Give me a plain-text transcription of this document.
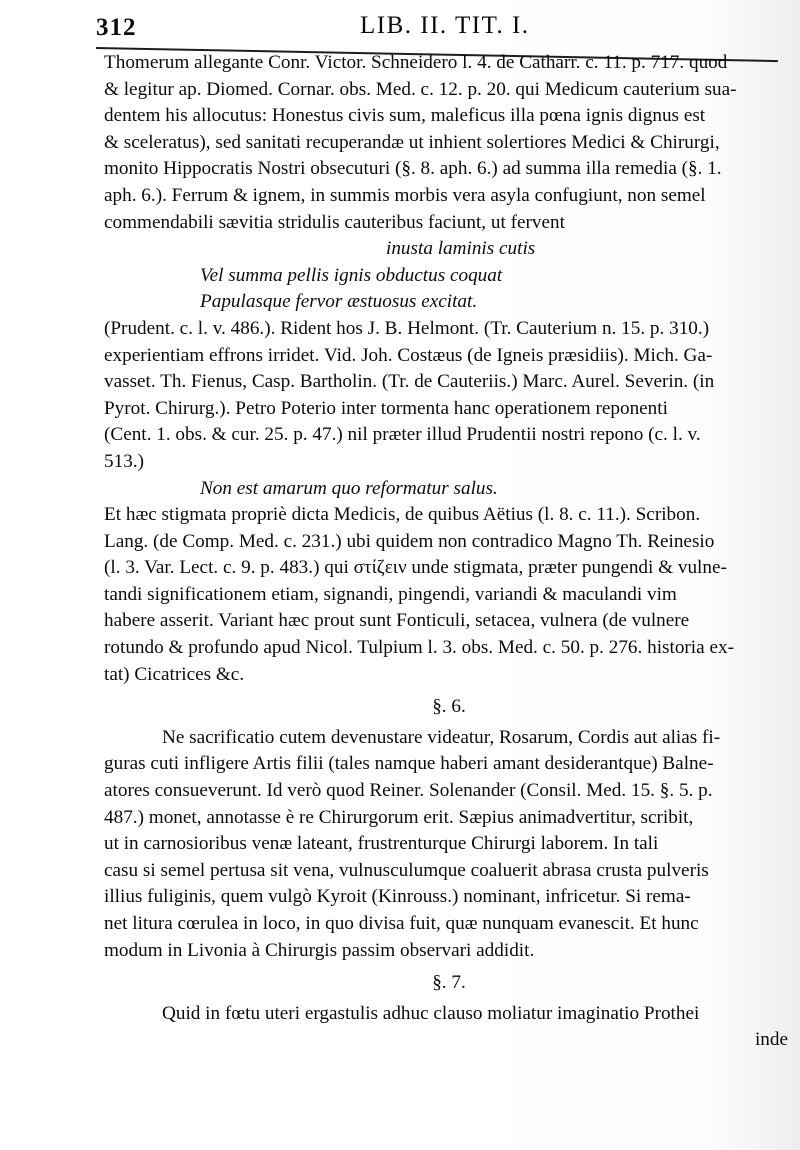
312	LIB. II. TIT. I.
Thomerum allegante Conr. Victor. Schneidero l. 4. de Catharr. c. 11. p. 717. quod
& legitur ap. Diomed. Cornar. obs. Med. c. 12. p. 20. qui Medicum cauterium sua-
dentem his allocutus: Honestus civis sum, maleficus illa pœna ignis dignus est
& sceleratus), sed sanitati recuperandæ ut inhient solertiores Medici & Chirurgi,
monito Hippocratis Nostri obsecuturi (§. 8. aph. 6.) ad summa illa remedia (§. 1.
aph. 6.). Ferrum & ignem, in summis morbis vera asyla confugiunt, non semel
commendabili sævitia stridulis cauteribus faciunt, ut fervent
inusta laminis cutis
Vel summa pellis ignis obductus coquat
Papulasque fervor æstuosus excitat.
(Prudent. c. l. v. 486.). Rident hos J. B. Helmont. (Tr. Cauterium n. 15. p. 310.)
experientiam effrons irridet. Vid. Joh. Costæus (de Igneis præsidiis). Mich. Ga-
vasset. Th. Fienus, Casp. Bartholin. (Tr. de Cauteriis.) Marc. Aurel. Severin. (in
Pyrot. Chirurg.). Petro Poterio inter tormenta hanc operationem reponenti
(Cent. 1. obs. & cur. 25. p. 47.) nil præter illud Prudentii nostri repono (c. l. v.
513.)
Non est amarum quo reformatur salus.
Et hæc stigmata propriè dicta Medicis, de quibus Aëtius (l. 8. c. 11.). Scribon.
Lang. (de Comp. Med. c. 231.) ubi quidem non contradico Magno Th. Reinesio
(l. 3. Var. Lect. c. 9. p. 483.) qui στίζειν unde stigmata, præter pungendi & vulne-
tandi significationem etiam, signandi, pingendi, variandi & maculandi vim
habere asserit. Variant hæc prout sunt Fonticuli, setacea, vulnera (de vulnere
rotundo & profundo apud Nicol. Tulpium l. 3. obs. Med. c. 50. p. 276. historia ex-
tat) Cicatrices &c.
§. 6.
Ne sacrificatio cutem devenustare videatur, Rosarum, Cordis aut alias fi-
guras cuti infligere Artis filii (tales namque haberi amant desiderantque) Balne-
atores consueverunt. Id verò quod Reiner. Solenander (Consil. Med. 15. §. 5. p.
487.) monet, annotasse è re Chirurgorum erit. Sæpius animadvertitur, scribit,
ut in carnosioribus venæ lateant, frustrenturque Chirurgi laborem. In tali
casu si semel pertusa sit vena, vulnusculumque coaluerit abrasa crusta pulveris
illius fuliginis, quem vulgò Kyroit (Kinrouss.) nominant, infricetur. Si rema-
net litura cœrulea in loco, in quo divisa fuit, quæ nunquam evanescit. Et hunc
modum in Livonia à Chirurgis passim observari addidit.
§. 7.
Quid in fœtu uteri ergastulis adhuc clauso moliatur imaginatio Prothei
inde
